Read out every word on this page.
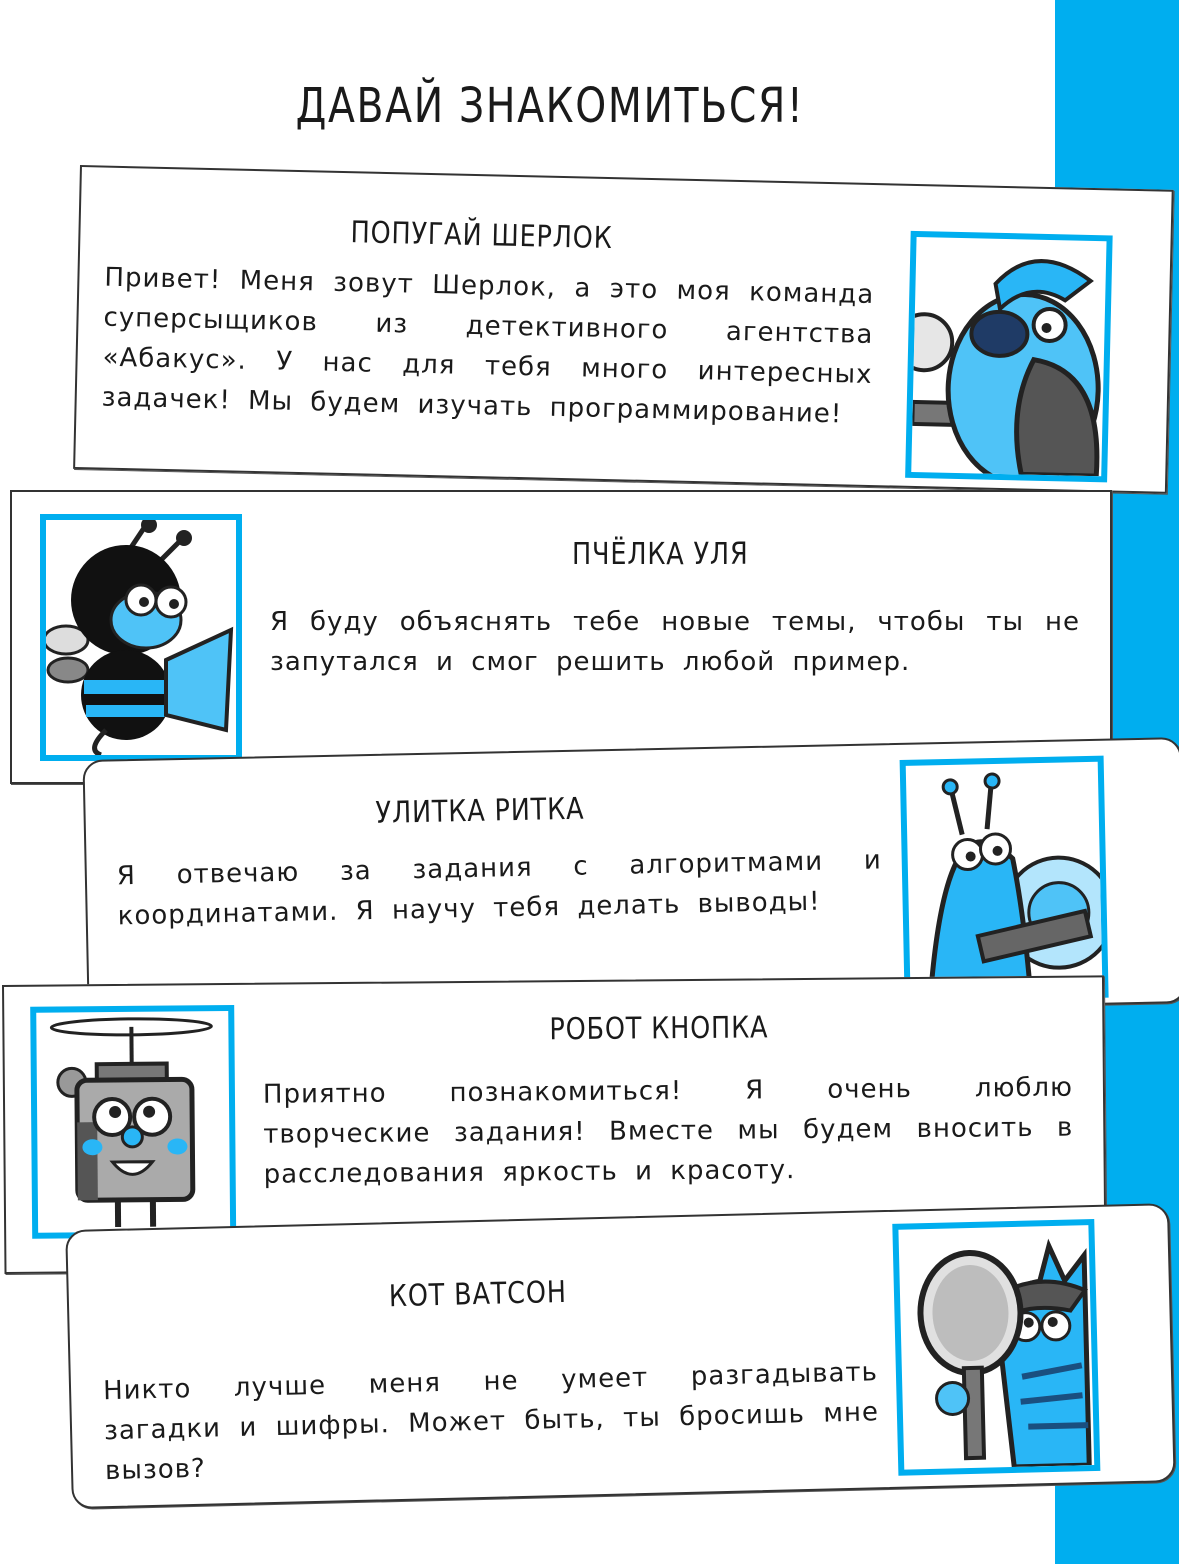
ДАВАЙ ЗНАКОМИТЬСЯ!
ПОПУГАЙ ШЕРЛОК
Привет! Меня зовут Шерлок, а это моя команда суперсыщиков из детективного агентства «Абакус». У нас для тебя много интересных задачек! Мы будем изучать программирование!
ПЧЁЛКА УЛЯ
Я буду объяснять тебе новые темы, чтобы ты не запутался и смог решить любой пример.
УЛИТКА РИТКА
Я отвечаю за задания с алгоритмами и координатами. Я научу тебя делать выводы!
РОБОТ КНОПКА
Приятно познакомиться! Я очень люблю творческие задания! Вместе мы будем вносить в расследования яркость и красоту.
КОТ ВАТСОН
Никто лучше меня не умеет разгадывать загадки и шифры. Может быть, ты бросишь мне вызов?
